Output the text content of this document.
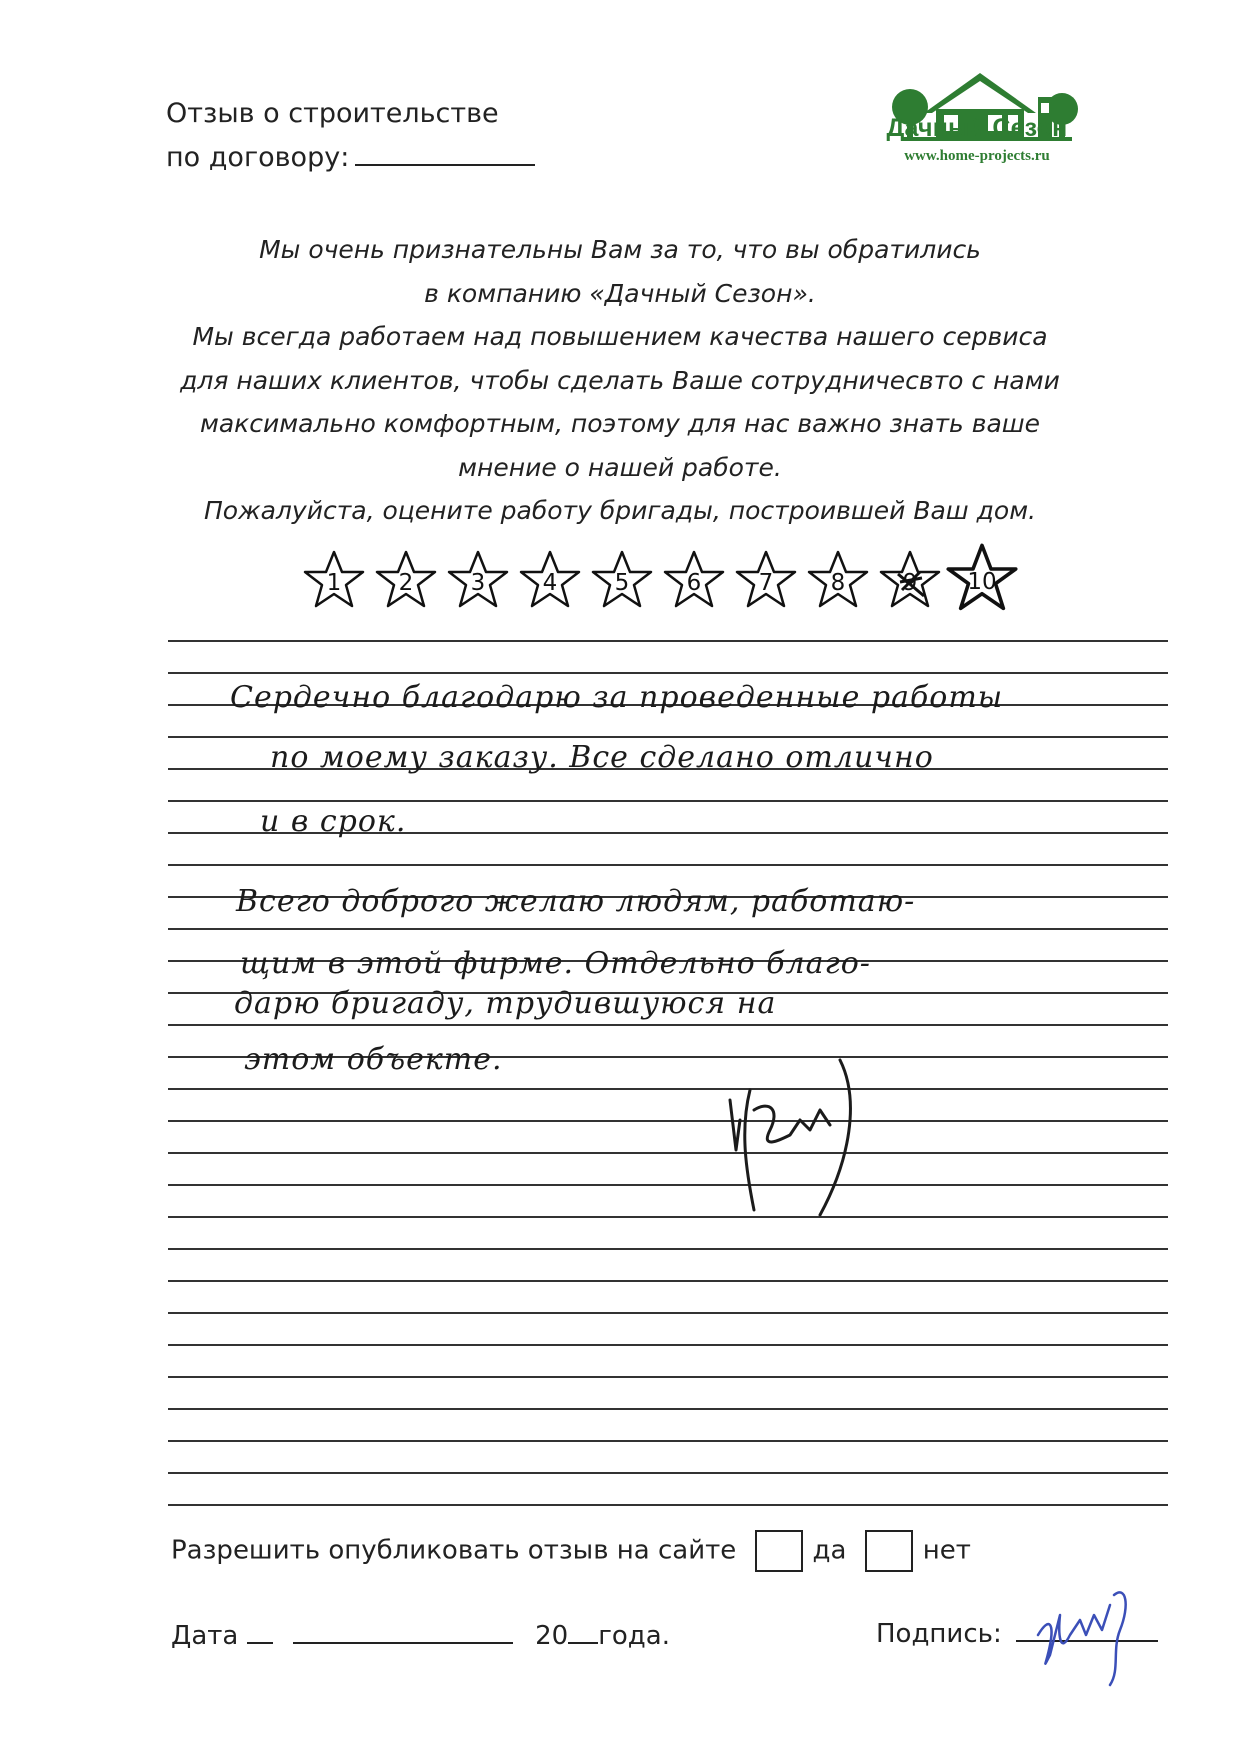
Отзыв о строительстве
по договору:
Дачный Сезон
www.home-projects.ru
Мы очень признательны Вам за то, что вы обратились
в компанию «Дачный Сезон».
Мы всегда работаем над повышением качества нашего сервиса
для наших клиентов, чтобы сделать Ваше сотрудничесвто с нами
максимально комфортным, поэтому для нас важно знать ваше
мнение о нашей работе.
Пожалуйста, оцените работу бригады, построившей Ваш дом.
1	2	3	4	5	6	7	8	9	10
Сердечно благодарю за проведенные работы
по моему заказу. Все сделано отлично
и в срок.
Всего доброго желаю людям, работаю-
щим в этой фирме. Отдельно благо-
дарю бригаду, трудившуюся на
этом объекте.
Разрешить опубликовать отзыв на сайте	да	нет
Дата	20 года.	Подпись:
